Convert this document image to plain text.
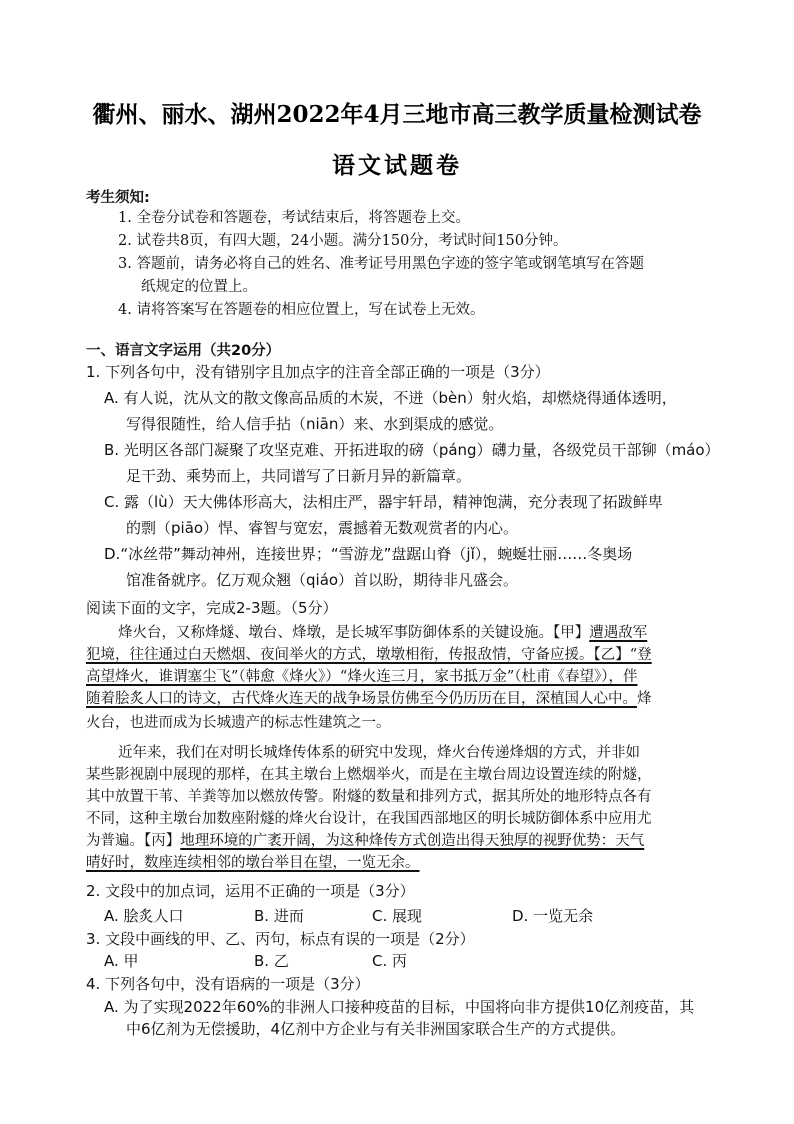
衢州、丽水、湖州2022年4月三地市高三教学质量检测试卷
语文试题卷
考生须知:
1. 全卷分试卷和答题卷，考试结束后，将答题卷上交。
2. 试卷共8页，有四大题，24小题。满分150分，考试时间150分钟。
3. 答题前，请务必将自己的姓名、准考证号用黑色字迹的签字笔或钢笔填写在答题
纸规定的位置上。
4. 请将答案写在答题卷的相应位置上，写在试卷上无效。
一、语言文字运用（共20分）
1. 下列各句中，没有错别字且加点字的注音全部正确的一项是（3分）
A. 有人说，沈从文的散文像高品质的木炭，不迸（bèn）射火焰，却燃烧得通体透明，
写得很随性，给人信手拈（niān）来、水到渠成的感觉。
B. 光明区各部门凝聚了攻坚克难、开拓进取的磅（páng）礴力量，各级党员干部铆（máo）
足干劲、乘势而上，共同谱写了日新月异的新篇章。
C. 露（lù）天大佛体形高大，法相庄严，器宇轩昂，精神饱满，充分表现了拓跋鲜卑
的剽（piāo）悍、睿智与宽宏，震撼着无数观赏者的内心。
D.“冰丝带”舞动神州，连接世界；“雪游龙”盘踞山脊（jǐ），蜿蜒壮丽……冬奥场
馆准备就序。亿万观众翘（qiáo）首以盼，期待非凡盛会。
阅读下面的文字，完成2-3题。（5分）
烽火台，又称烽燧、墩台、烽墩，是长城军事防御体系的关键设施。【甲】遭遇敌军
犯境，往往通过白天燃烟、夜间举火的方式，墩墩相衔，传报敌情，守备应援。【乙】“登
高望烽火，谁谓塞尘飞”（韩愈《烽火》）“烽火连三月，家书抵万金”（杜甫《春望》），伴
随着脍炙人口的诗文，古代烽火连天的战争场景仿佛至今仍历历在目，深植国人心中。烽
火台，也进而成为长城遗产的标志性建筑之一。
近年来，我们在对明长城烽传体系的研究中发现，烽火台传递烽烟的方式，并非如
某些影视剧中展现的那样，在其主墩台上燃烟举火，而是在主墩台周边设置连续的附燧，
其中放置干苇、羊粪等加以燃放传警。附燧的数量和排列方式，据其所处的地形特点各有
不同，这种主墩台加数座附燧的烽火台设计，在我国西部地区的明长城防御体系中应用尤
为普遍。【丙】地理环境的广袤开阔，为这种烽传方式创造出得天独厚的视野优势：天气
晴好时，数座连续相邻的墩台举目在望，一览无余。
2. 文段中的加点词，运用不正确的一项是（3分）
A. 脍炙人口	B. 进而	C. 展现	D. 一览无余
3. 文段中画线的甲、乙、丙句，标点有误的一项是（2分）
A. 甲	B. 乙	C. 丙
4. 下列各句中，没有语病的一项是（3分）
A. 为了实现2022年60%的非洲人口接种疫苗的目标，中国将向非方提供10亿剂疫苗，其
中6亿剂为无偿援助，4亿剂中方企业与有关非洲国家联合生产的方式提供。
